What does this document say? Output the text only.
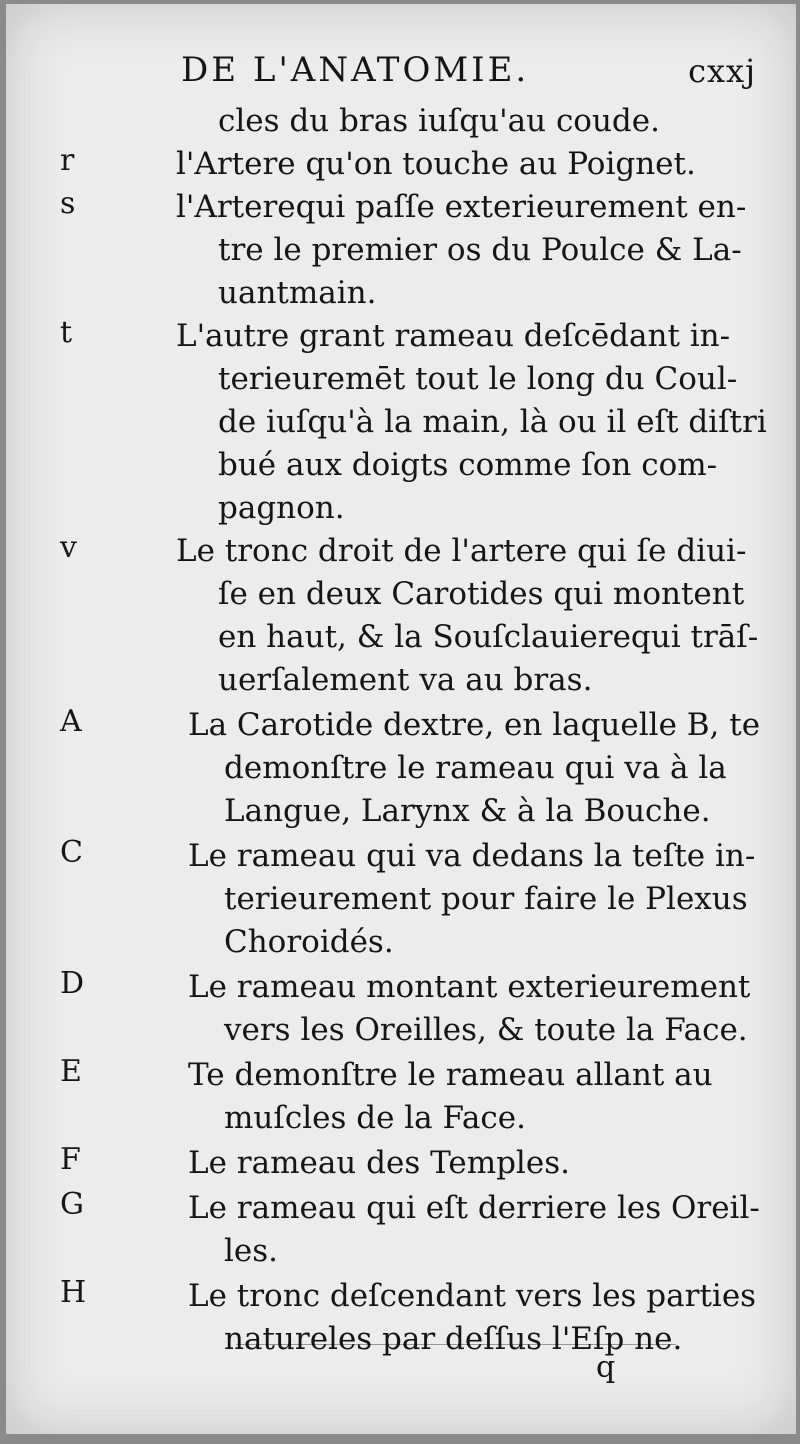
DE L'ANATOMIE.	cxxj
cles du bras iuſqu'au coude.
r	l'Artere qu'on touche au Poignet.
s	l'Arterequi paſſe exterieurement en-
tre le premier os du Poulce & La-
uantmain.
t	L'autre grant rameau deſcēdant in-
terieuremēt tout le long du Coul-
de iuſqu'à la main, là ou il eſt diſtri
bué aux doigts comme ſon com-
pagnon.
v	Le tronc droit de l'artere qui ſe diui-
ſe en deux Carotides qui montent
en haut, & la Souſclauierequi trāſ-
uerſalement va au bras.
A	La Carotide dextre, en laquelle B, te
demonſtre le rameau qui va à la
Langue, Larynx & à la Bouche.
C	Le rameau qui va dedans la teſte in-
terieurement pour faire le Plexus
Choroidés.
D	Le rameau montant exterieurement
vers les Oreilles, & toute la Face.
E	Te demonſtre le rameau allant au
muſcles de la Face.
F	Le rameau des Temples.
G	Le rameau qui eſt derriere les Oreil-
les.
H	Le tronc deſcendant vers les parties
natureles par deſſus l'Eſp ne.
q
